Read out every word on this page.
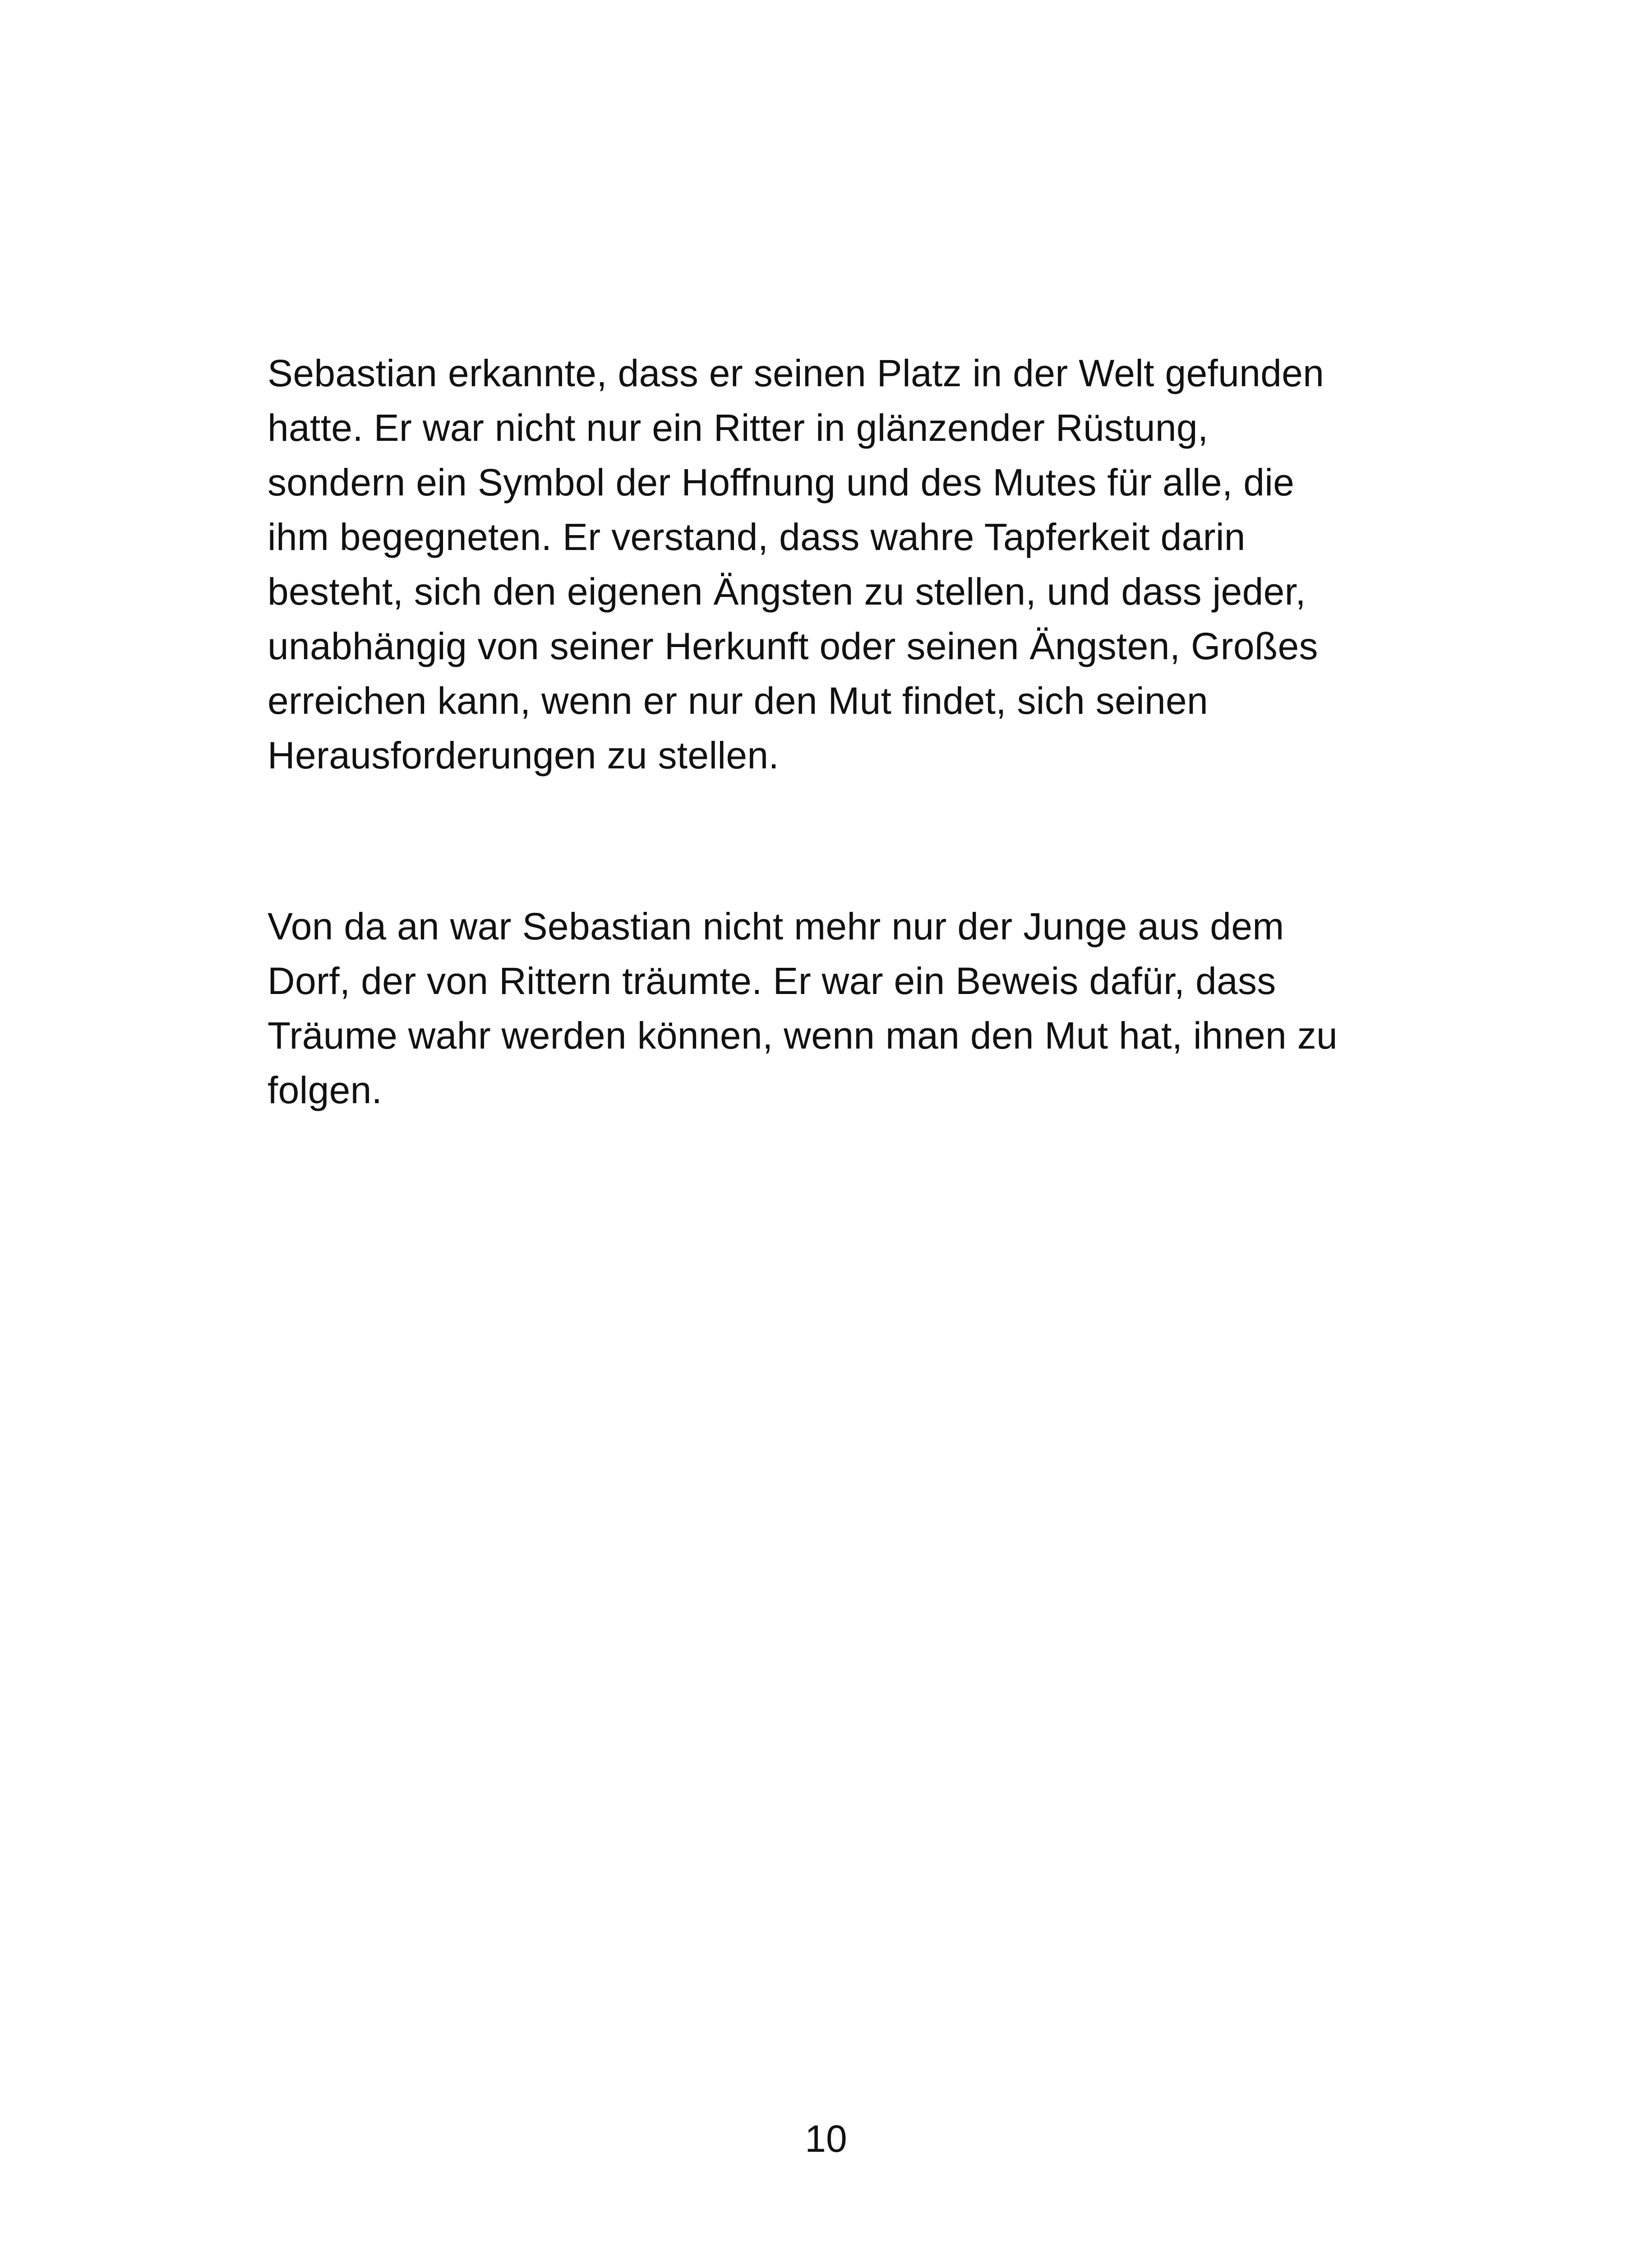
Sebastian erkannte, dass er seinen Platz in der Welt gefunden
hatte. Er war nicht nur ein Ritter in glänzender Rüstung,
sondern ein Symbol der Hoffnung und des Mutes für alle, die
ihm begegneten. Er verstand, dass wahre Tapferkeit darin
besteht, sich den eigenen Ängsten zu stellen, und dass jeder,
unabhängig von seiner Herkunft oder seinen Ängsten, Großes
erreichen kann, wenn er nur den Mut findet, sich seinen
Herausforderungen zu stellen.
Von da an war Sebastian nicht mehr nur der Junge aus dem
Dorf, der von Rittern träumte. Er war ein Beweis dafür, dass
Träume wahr werden können, wenn man den Mut hat, ihnen zu
folgen.
10
